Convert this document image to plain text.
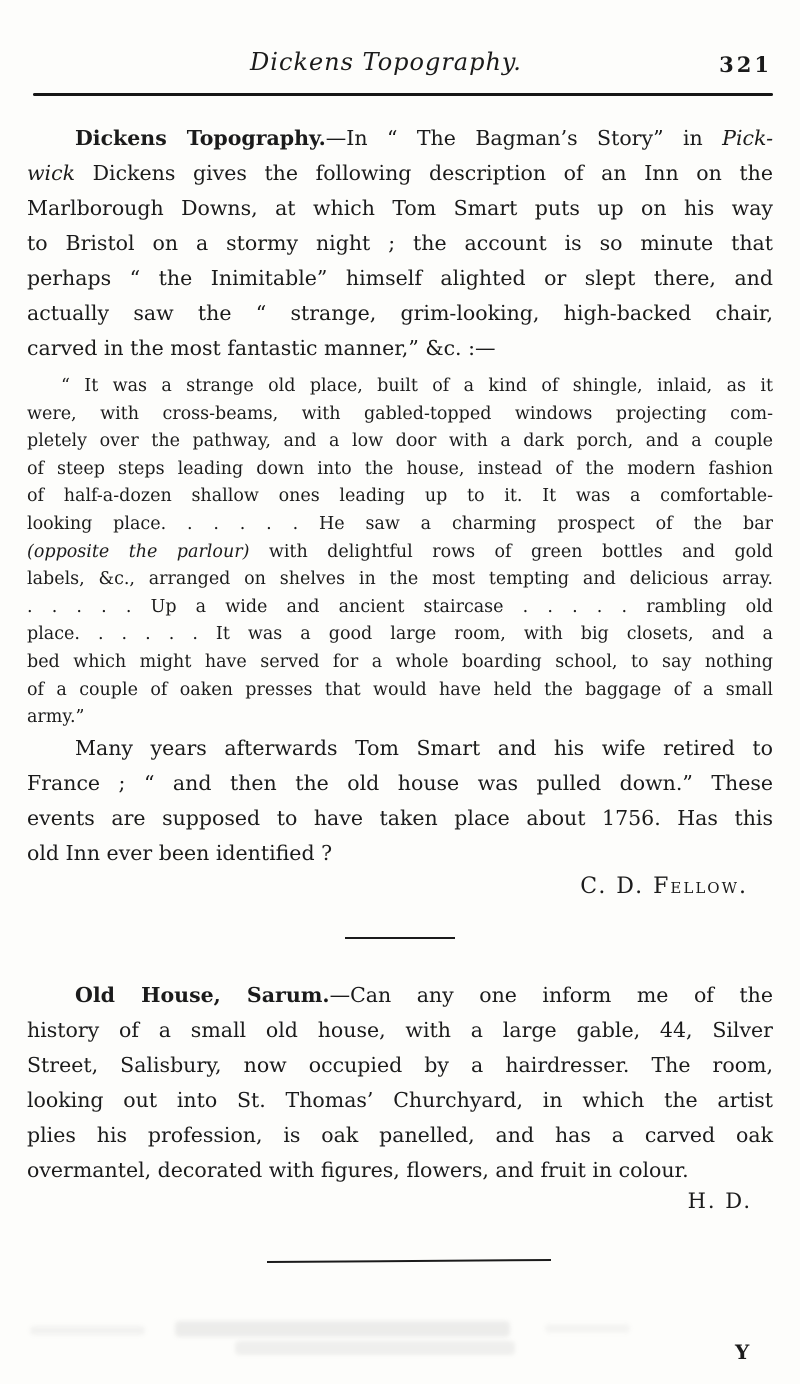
Dickens Topography.	321
Dickens Topography.—In “ The Bagman’s Story” in Pick-
wick Dickens gives the following description of an Inn on the
Marlborough Downs, at which Tom Smart puts up on his way
to Bristol on a stormy night ; the account is so minute that
perhaps “ the Inimitable” himself alighted or slept there, and
actually saw the “ strange, grim-looking, high-backed chair,
carved in the most fantastic manner,” &c. :—
“ It was a strange old place, built of a kind of shingle, inlaid, as it
were, with cross-beams, with gabled-topped windows projecting com-
pletely over the pathway, and a low door with a dark porch, and a couple
of steep steps leading down into the house, instead of the modern fashion
of half-a-dozen shallow ones leading up to it. It was a comfortable-
looking place. . . . . . He saw a charming prospect of the bar
(opposite the parlour) with delightful rows of green bottles and gold
labels, &c., arranged on shelves in the most tempting and delicious array.
. . . . . Up a wide and ancient staircase . . . . . rambling old
place. . . . . . It was a good large room, with big closets, and a
bed which might have served for a whole boarding school, to say nothing
of a couple of oaken presses that would have held the baggage of a small
army.”
Many years afterwards Tom Smart and his wife retired to
France ; “ and then the old house was pulled down.” These
events are supposed to have taken place about 1756. Has this
old Inn ever been identified ?
C. D. Fellow.
Old House, Sarum.—Can any one inform me of the
history of a small old house, with a large gable, 44, Silver
Street, Salisbury, now occupied by a hairdresser. The room,
looking out into St. Thomas’ Churchyard, in which the artist
plies his profession, is oak panelled, and has a carved oak
overmantel, decorated with figures, flowers, and fruit in colour.
H. D.
Y
